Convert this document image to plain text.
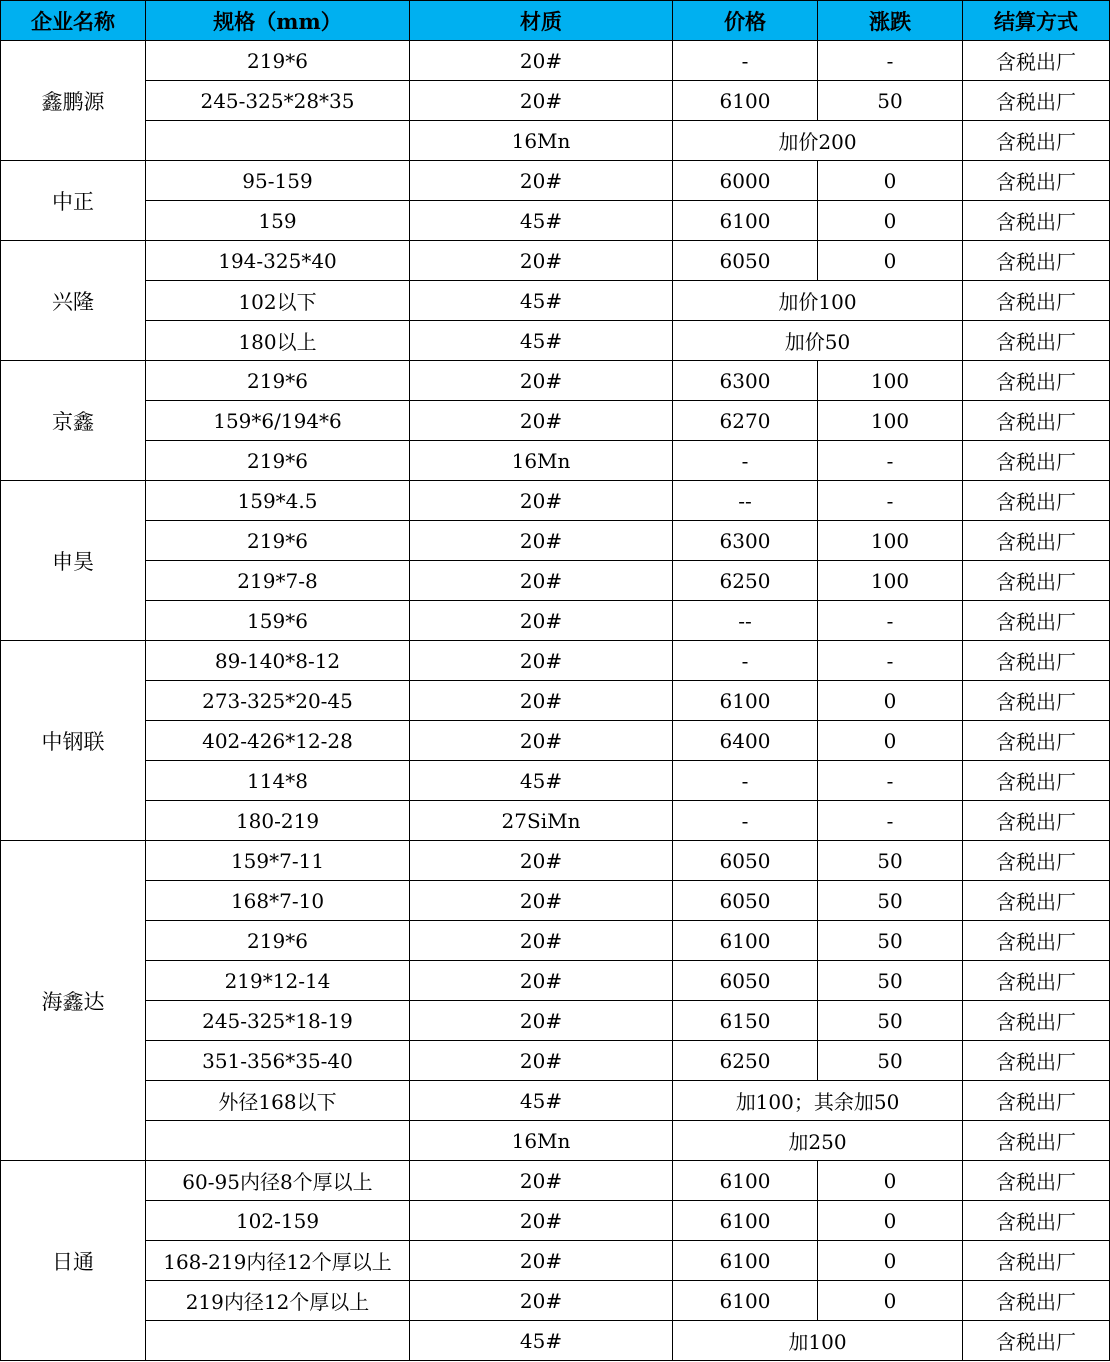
企业名称	规格（mm）	材质	价格	涨跌	结算方式
鑫鹏源	219*6	20#	-	-	含税出厂
	245-325*28*35	20#	6100	50	含税出厂
		16Mn	加价200		含税出厂
中正	95-159	20#	6000	0	含税出厂
	159	45#	6100	0	含税出厂
兴隆	194-325*40	20#	6050	0	含税出厂
	102以下	45#	加价100		含税出厂
	180以上	45#	加价50		含税出厂
京鑫	219*6	20#	6300	100	含税出厂
	159*6/194*6	20#	6270	100	含税出厂
	219*6	16Mn	-	-	含税出厂
申昊	159*4.5	20#	--	-	含税出厂
	219*6	20#	6300	100	含税出厂
	219*7-8	20#	6250	100	含税出厂
	159*6	20#	--	-	含税出厂
中钢联	89-140*8-12	20#	-	-	含税出厂
	273-325*20-45	20#	6100	0	含税出厂
	402-426*12-28	20#	6400	0	含税出厂
	114*8	45#	-	-	含税出厂
	180-219	27SiMn	-	-	含税出厂
海鑫达	159*7-11	20#	6050	50	含税出厂
	168*7-10	20#	6050	50	含税出厂
	219*6	20#	6100	50	含税出厂
	219*12-14	20#	6050	50	含税出厂
	245-325*18-19	20#	6150	50	含税出厂
	351-356*35-40	20#	6250	50	含税出厂
	外径168以下	45#	加100；其余加50		含税出厂
		16Mn	加250		含税出厂
日通	60-95内径8个厚以上	20#	6100	0	含税出厂
	102-159	20#	6100	0	含税出厂
	168-219内径12个厚以上	20#	6100	0	含税出厂
	219内径12个厚以上	20#	6100	0	含税出厂
		45#	加100		含税出厂
